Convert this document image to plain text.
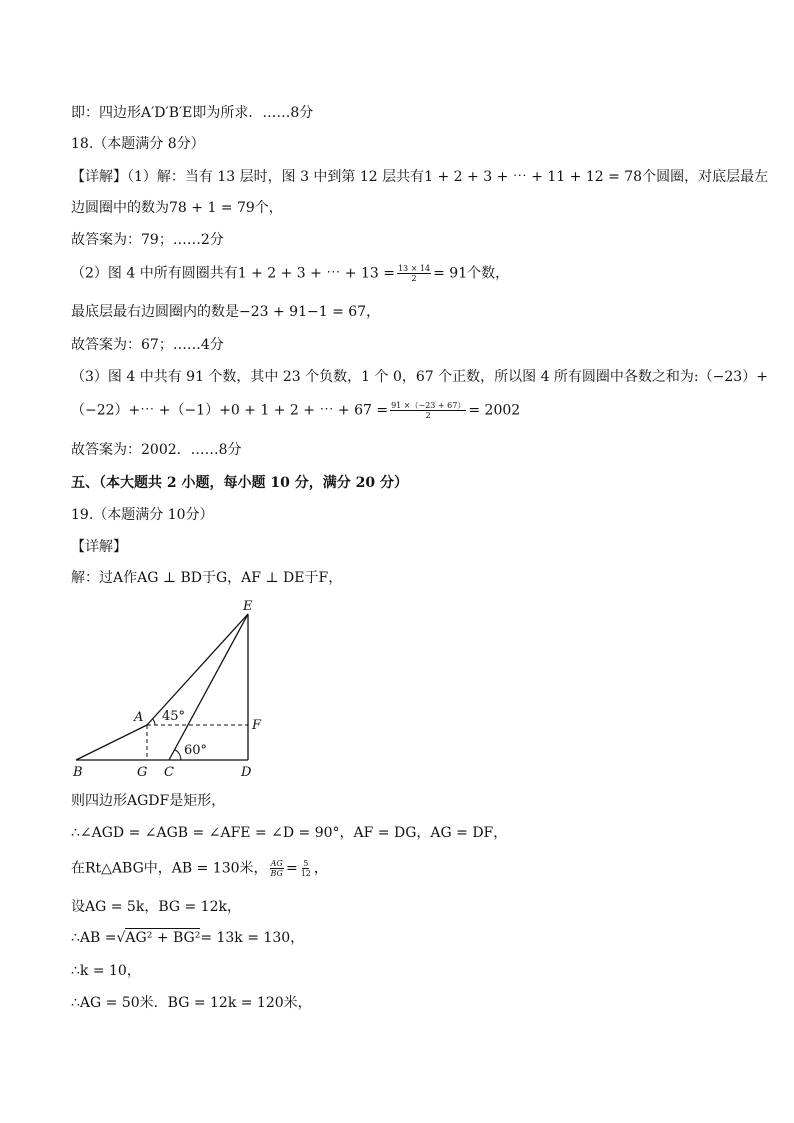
即：四边形A′D′B′E即为所求．……8分
18.（本题满分 8分）
【详解】（1）解：当有 13 层时，图 3 中到第 12 层共有1 + 2 + 3 + ⋯ + 11 + 12 = 78个圆圈，对底层最左
边圆圈中的数为78 + 1 = 79个，
故答案为：79；……2分
（2）图 4 中所有圆圈共有1 + 2 + 3 + ⋯ + $13 = \frac{13 \times 14}{2} = 91$个数，
最底层最右边圆圈内的数是−23 + 91−1 = 67，
故答案为：67；……4分
（3）图 4 中共有 91 个数，其中 23 个负数，1 个 0，67 个正数，所以图 4 所有圆圈中各数之和为:（−23）+
（−22）+⋯ +（−1）+0 + 1 + 2 + ⋯ + $67 = \frac{91 \times(-23 + 67)}{2} = 2002$
故答案为：2002．……8分
五、（本大题共 2 小题，每小题 10 分，满分 20 分）
19.（本题满分 10分）
【详解】
解：过A作AG ⊥ BD于G，AF ⊥ DE于F，
E
A 45°
F
60°
B	G C	D
则四边形AGDF是矩形，
∴∠AGD = ∠AGB = ∠AFE = ∠D = 90°，AF = DG，AG = DF，
在Rt△ABG中，AB = 130米， $\frac{AG}{BG} = \frac{5}{12}$ ，
设AG = 5k，BG = 12k，
∴AB =√AG² + BG²= 13k = 130，
∴k = 10，
∴AG = 50米．BG = 12k = 120米，
